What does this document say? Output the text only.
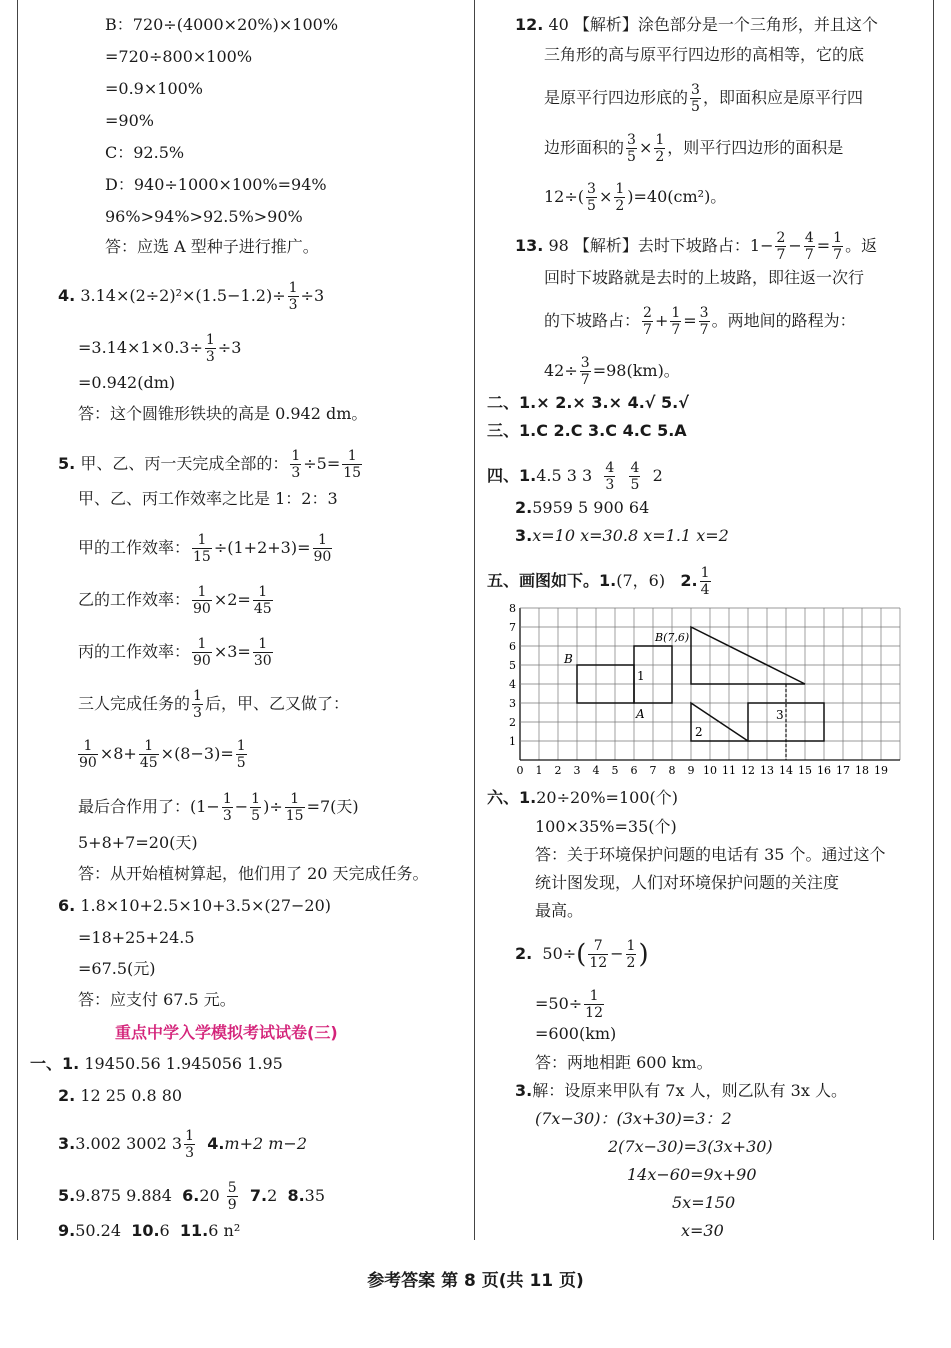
B：720÷(4000×20%)×100%
=720÷800×100%
=0.9×100%
=90%
C：92.5%
D：940÷1000×100%=94%
96%>94%>92.5%>90%
答：应选 A 型种子进行推广。
4. $3.14\times(2\div 2)^2\times(1.5-1.2)\div \frac{1}{3} \div 3$
$=3.14\times 1\times 0.3\div \frac{1}{3} \div 3$
=0.942(dm)
答：这个圆锥形铁块的高是 0.942 dm。
5. 甲、乙、丙一天完成全部的： $\frac{1}{3} \div 5= \frac{1}{15}$
甲、乙、丙工作效率之比是 1：2：3
甲的工作效率： $\frac{1}{15} \div(1+2+3)= \frac{1}{90}$
乙的工作效率： $\frac{1}{90} \times 2= \frac{1}{45}$
丙的工作效率： $\frac{1}{90} \times 3= \frac{1}{30}$
三人完成任务的 $\frac{1}{3}$ 后，甲、乙又做了：
$\frac{1}{90} \times 8+ \frac{1}{45} \times(8-3)= \frac{1}{5}$
最后合作用了：($1- \frac{1}{3} - \frac{1}{5}$ )÷ $\frac{1}{15} =7$(天)
5+8+7=20(天)
答：从开始植树算起，他们用了 20 天完成任务。
6. 1.8×10+2.5×10+3.5×(27−20)
=18+25+24.5
=67.5(元)
答：应支付 67.5 元。
重点中学入学模拟考试试卷(三)
一、1. 19450.56 1.945056 1.95
2. 12 25 0.8 80
3.3.002 3002 $3 \frac{1}{3} 4.m+2$ m−2
5.9.875 9.884 $6.20 \frac{5}{9} 7.2$ 8.35
9.50.24 10.6 11.6 n²
12. 40 【解析】涂色部分是一个三角形，并且这个
三角形的高与原平行四边形的高相等，它的底
是原平行四边形底的 $\frac{3}{5}$ ，即面积应是原平行四
边形面积的 $\frac{3}{5} \times \frac{1}{2}$ ，则平行四边形的面积是
$12\div( \frac{3}{5} \times \frac{1}{2} )=40(cm^2)$。
13. 98 【解析】去时下坡路占：$1- \frac{2}{7} - \frac{4}{7} = \frac{1}{7}$ 。返
回时下坡路就是去时的上坡路，即往返一次行
的下坡路占： $\frac{2}{7} + \frac{1}{7} = \frac{3}{7}$ 。两地间的路程为：
$42\div \frac{3}{7} =98(km)$。
二、1.× 2.× 3.× 4.√ 5.√
三、1.C 2.C 3.C 4.C 5.A
四、1.4.5 3 $3 \frac{4}{3}$
$\frac{4}{5} 2$
2.5959 5 900 64
3.x=10 x=30.8 x=1.1 x=2
五、画图如下。1.(7，6) 2. $\frac{1}{4}$
0 1 2 3 4 5 6 7 8 9 10 11 12 13 14 15 16 17 18 19
1
2
3
4
5
6
7
8
B
B(7,6)
A
1
2
3
六、1.20÷20%=100(个)
100×35%=35(个)
答：关于环境保护问题的电话有 35 个。通过这个
统计图发现，人们对环境保护问题的关注度
最高。
2. $50\div( \frac{7}{12} - \frac{1}{2}$ )
$=50\div \frac{1}{12}$
=600(km)
答：两地相距 600 km。
3.解：设原来甲队有 7x 人，则乙队有 3x 人。
(7x−30)：(3x+30)=3：2
2(7x−30)=3(3x+30)
14x−60=9x+90
5x=150
x=30
参考答案 第 8 页(共 11 页)
